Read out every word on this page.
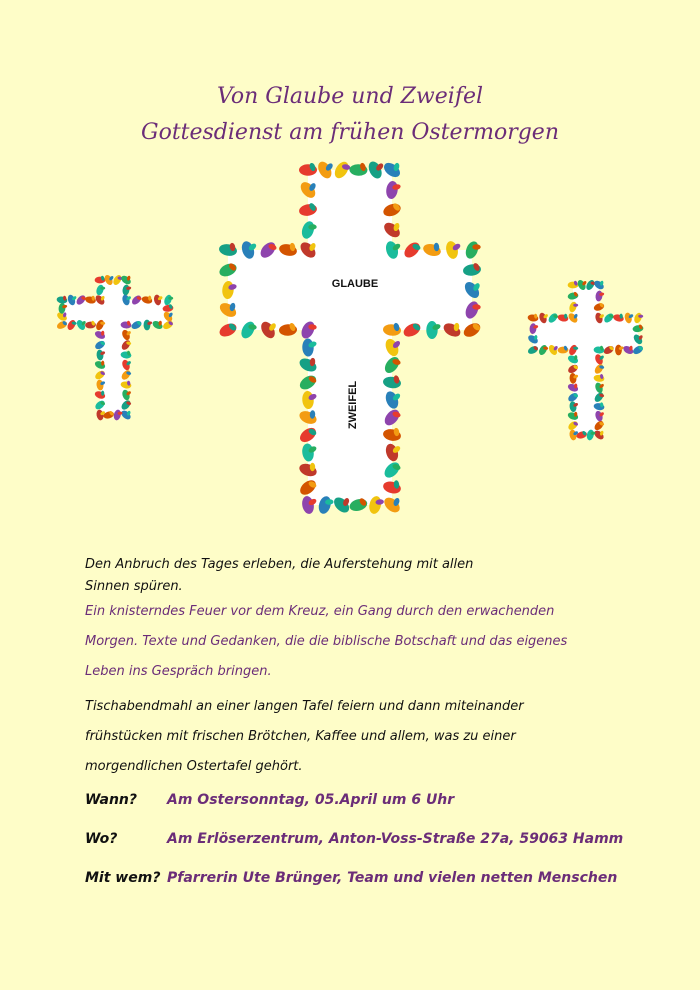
Von Glaube und Zweifel
Gottesdienst am frühen Ostermorgen
GLAUBE
ZWEIFEL
Den Anbruch des Tages erleben, die Auferstehung mit allen
Sinnen spüren.
Ein knisterndes Feuer vor dem Kreuz, ein Gang durch den erwachenden
Morgen. Texte und Gedanken, die die biblische Botschaft und das eigenes
Leben ins Gespräch bringen.
Tischabendmahl an einer langen Tafel feiern und dann miteinander
frühstücken mit frischen Brötchen, Kaffee und allem, was zu einer
morgendlichen Ostertafel gehört.
Wann? Am Ostersonntag, 05.April um 6 Uhr
Wo?	Am Erlöserzentrum, Anton-Voss-Straße 27a, 59063 Hamm
Mit wem? Pfarrerin Ute Brünger, Team und vielen netten Menschen
